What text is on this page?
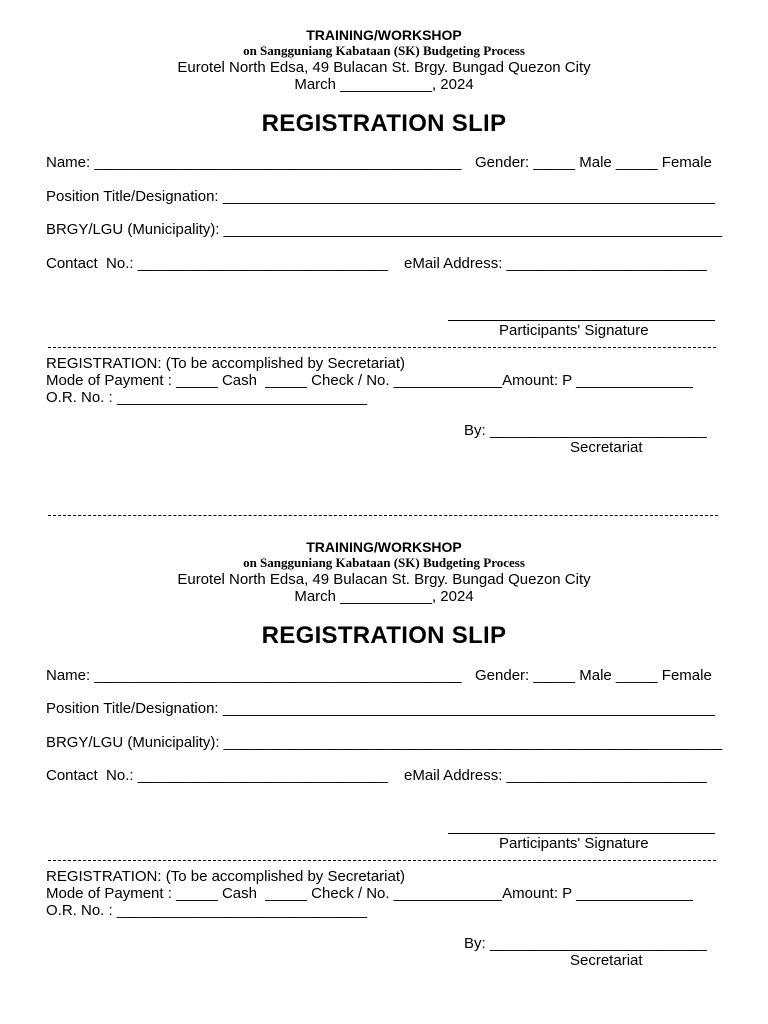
TRAINING/WORKSHOP
on Sangguniang Kabataan (SK) Budgeting Process
Eurotel North Edsa, 49 Bulacan St. Brgy. Bungad Quezon City
March ___________, 2024
REGISTRATION SLIP
Name: ____________________________________________ Gender: _____ Male _____ Female
Position Title/Designation: ___________________________________________________________
BRGY/LGU (Municipality): ____________________________________________________________
Contact  No.: ______________________________ eMail Address: ________________________
Participants' Signature
REGISTRATION: (To be accomplished by Secretariat)
Mode of Payment : _____ Cash  _____ Check / No. _____________Amount: P ______________
O.R. No. : ______________________________
By: __________________________
Secretariat
TRAINING/WORKSHOP
on Sangguniang Kabataan (SK) Budgeting Process
Eurotel North Edsa, 49 Bulacan St. Brgy. Bungad Quezon City
March ___________, 2024
REGISTRATION SLIP
Name: ____________________________________________ Gender: _____ Male _____ Female
Position Title/Designation: ___________________________________________________________
BRGY/LGU (Municipality): ____________________________________________________________
Contact  No.: ______________________________ eMail Address: ________________________
Participants' Signature
REGISTRATION: (To be accomplished by Secretariat)
Mode of Payment : _____ Cash  _____ Check / No. _____________Amount: P ______________
O.R. No. : ______________________________
By: __________________________
Secretariat
